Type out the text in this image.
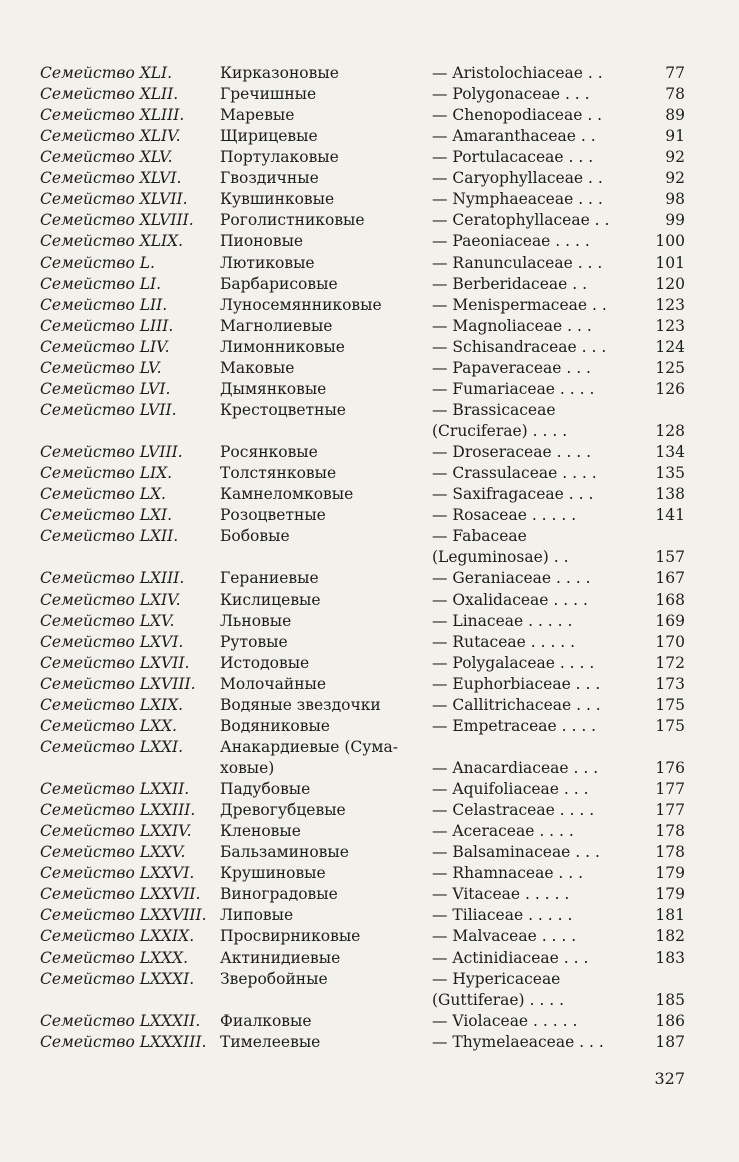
Семейство XLI.	Кирказоновые	— Aristolochiaceae . .	77
Семейство XLII.	Гречишные	— Polygonaceae . . .	78
Семейство XLIII. Маревые	— Chenopodiaceae . .	89
Семейство XLIV.	Щирицевые	— Amaranthaceae . .	91
Семейство XLV.	Портулаковые	— Portulacaceae . . .	92
Семейство XLVI. Гвоздичные	— Caryophyllaceae . .	92
Семейство XLVII. Кувшинковые	— Nymphaeaceae . . .	98
Семейство XLVIII. Роголистниковые	— Ceratophyllaceae . .	99
Семейство XLIX. Пионовые	— Paeoniaceae . . . .	100
Семейство L.	Лютиковые	— Ranunculaceae . . .	101
Семейство LI.	Барбарисовые	— Berberidaceae . .	120
Семейство LII.	Луносемянниковые	— Menispermaceae . .	123
Семейство LIII.	Магнолиевые	— Magnoliaceae . . .	123
Семейство LIV.	Лимонниковые	— Schisandraceae . . .	124
Семейство LV.	Маковые	— Papaveraceae . . .	125
Семейство LVI.	Дымянковые	— Fumariaceae . . . .	126
Семейство LVII.	Крестоцветные	— Brassicaceae
(Cruciferae) . . . .	128
Семейство LVIII. Росянковые	— Droseraceae . . . .	134
Семейство LIX.	Толстянковые	— Crassulaceae . . . .	135
Семейство LX.	Камнеломковые	— Saxifragaceae . . .	138
Семейство LXI.	Розоцветные	— Rosaceae . . . . .	141
Семейство LXII.	Бобовые	— Fabaceae
(Leguminosae) . .	157
Семейство LXIII. Гераниевые	— Geraniaceae . . . .	167
Семейство LXIV.	Кислицевые	— Oxalidaceae . . . .	168
Семейство LXV.	Льновые	— Linaceae . . . . .	169
Семейство LXVI. Рутовые	— Rutaceae . . . . .	170
Семейство LXVII. Истодовые	— Polygalaceae . . . .	172
Семейство LXVIII. Молочайные	— Euphorbiaceae . . .	173
Семейство LXIX. Водяные звездочки	— Callitrichaceae . . .	175
Семейство LXX.	Водяниковые	— Empetraceae . . . .	175
Семейство LXXI. Анакардиевые (Сума-
ховые)	— Anacardiaceae . . .	176
Семейство LXXII. Падубовые	— Aquifoliaceae . . .	177
Семейство LXXIII. Древогубцевые	— Celastraceae . . . .	177
Семейство LXXIV. Кленовые	— Aceraceae . . . .	178
Семейство LXXV. Бальзаминовые	— Balsaminaceae . . .	178
Семейство LXXVI. Крушиновые	— Rhamnaceae . . .	179
Семейство LXXVII. Виноградовые	— Vitaceae . . . . .	179
Семейство LXXVIII. Липовые	— Tiliaceae . . . . .	181
Семейство LXXIX. Просвирниковые	— Malvaceae . . . .	182
Семейство LXXX. Актинидиевые	— Actinidiaceae . . .	183
Семейство LXXXI. Зверобойные	— Hypericaceae
(Guttiferae) . . . .	185
Семейство LXXXII. Фиалковые	— Violaceae . . . . .	186
Семейство LXXXIII. Тимелеевые	— Thymelaeaceae . . .	187
327
